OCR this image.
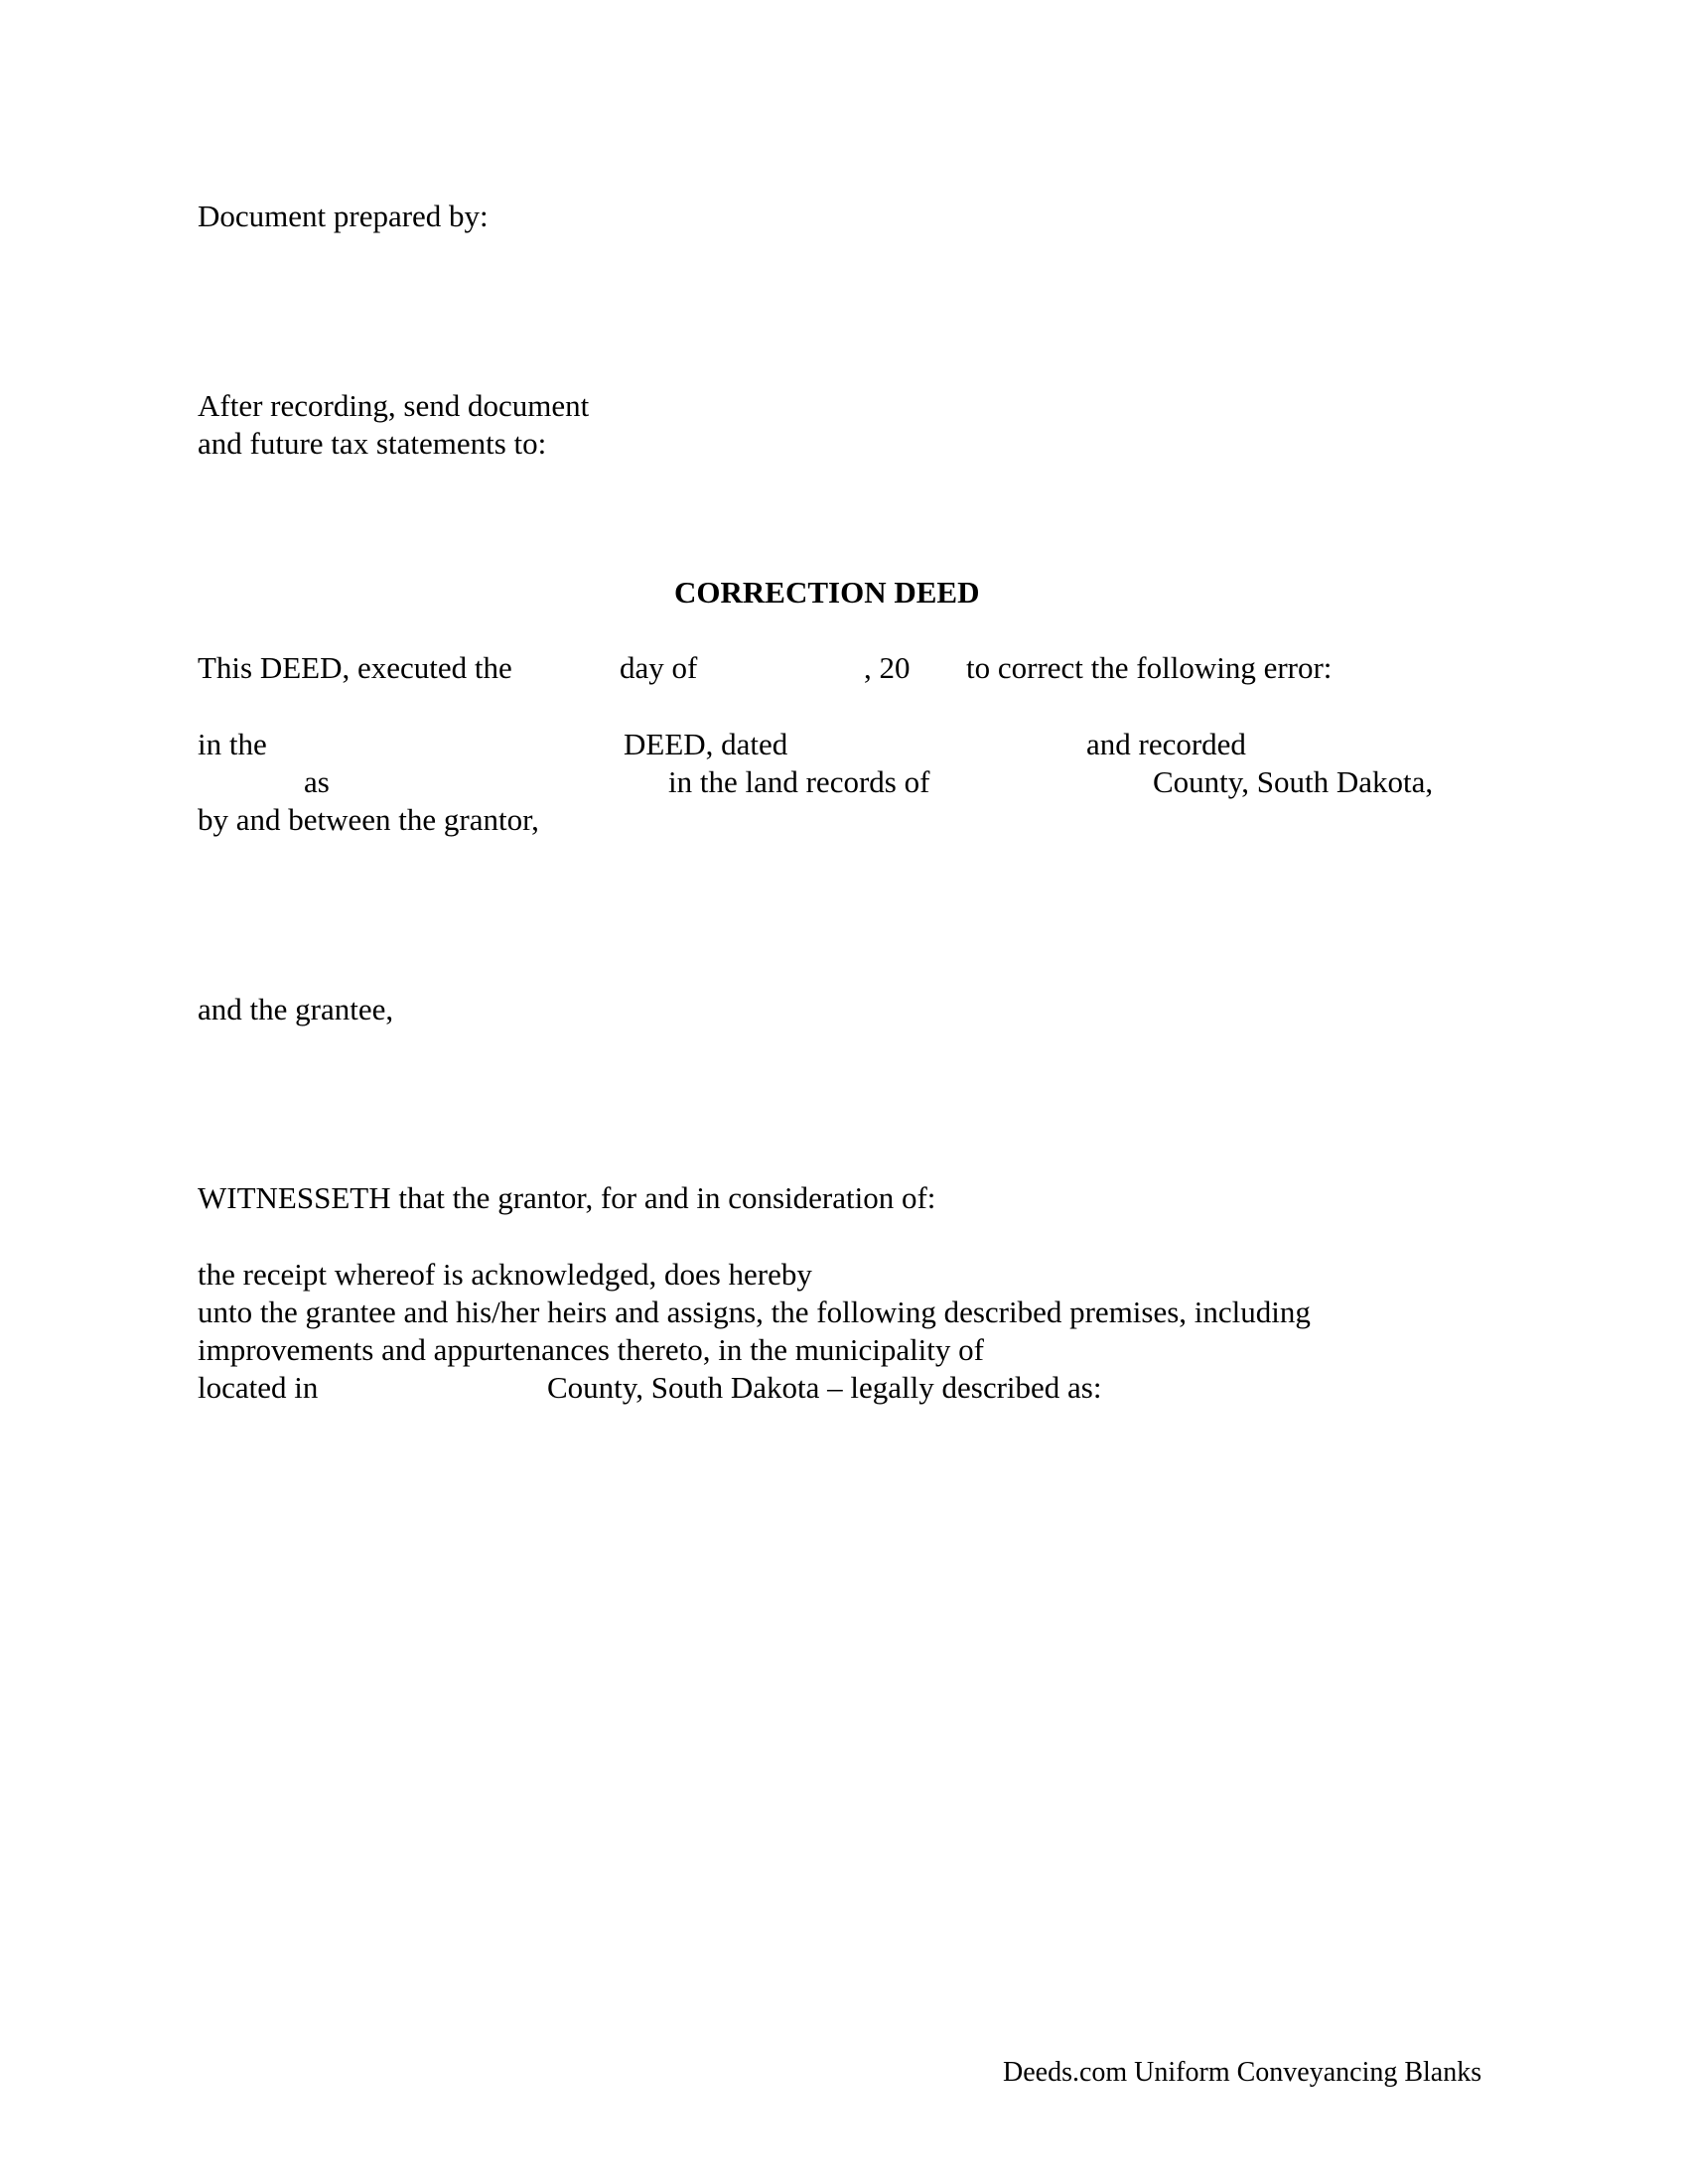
Document prepared by:
After recording, send document
and future tax statements to:
CORRECTION DEED
This DEED, executed the	day of	, 20 to correct the following error:
in the	DEED, dated	and recorded
as	in the land records of	County, South Dakota,
by and between the grantor,
and the grantee,
WITNESSETH that the grantor, for and in consideration of:
the receipt whereof is acknowledged, does hereby
unto the grantee and his/her heirs and assigns, the following described premises, including
improvements and appurtenances thereto, in the municipality of
located in	County, South Dakota – legally described as:
Deeds.com Uniform Conveyancing Blanks
